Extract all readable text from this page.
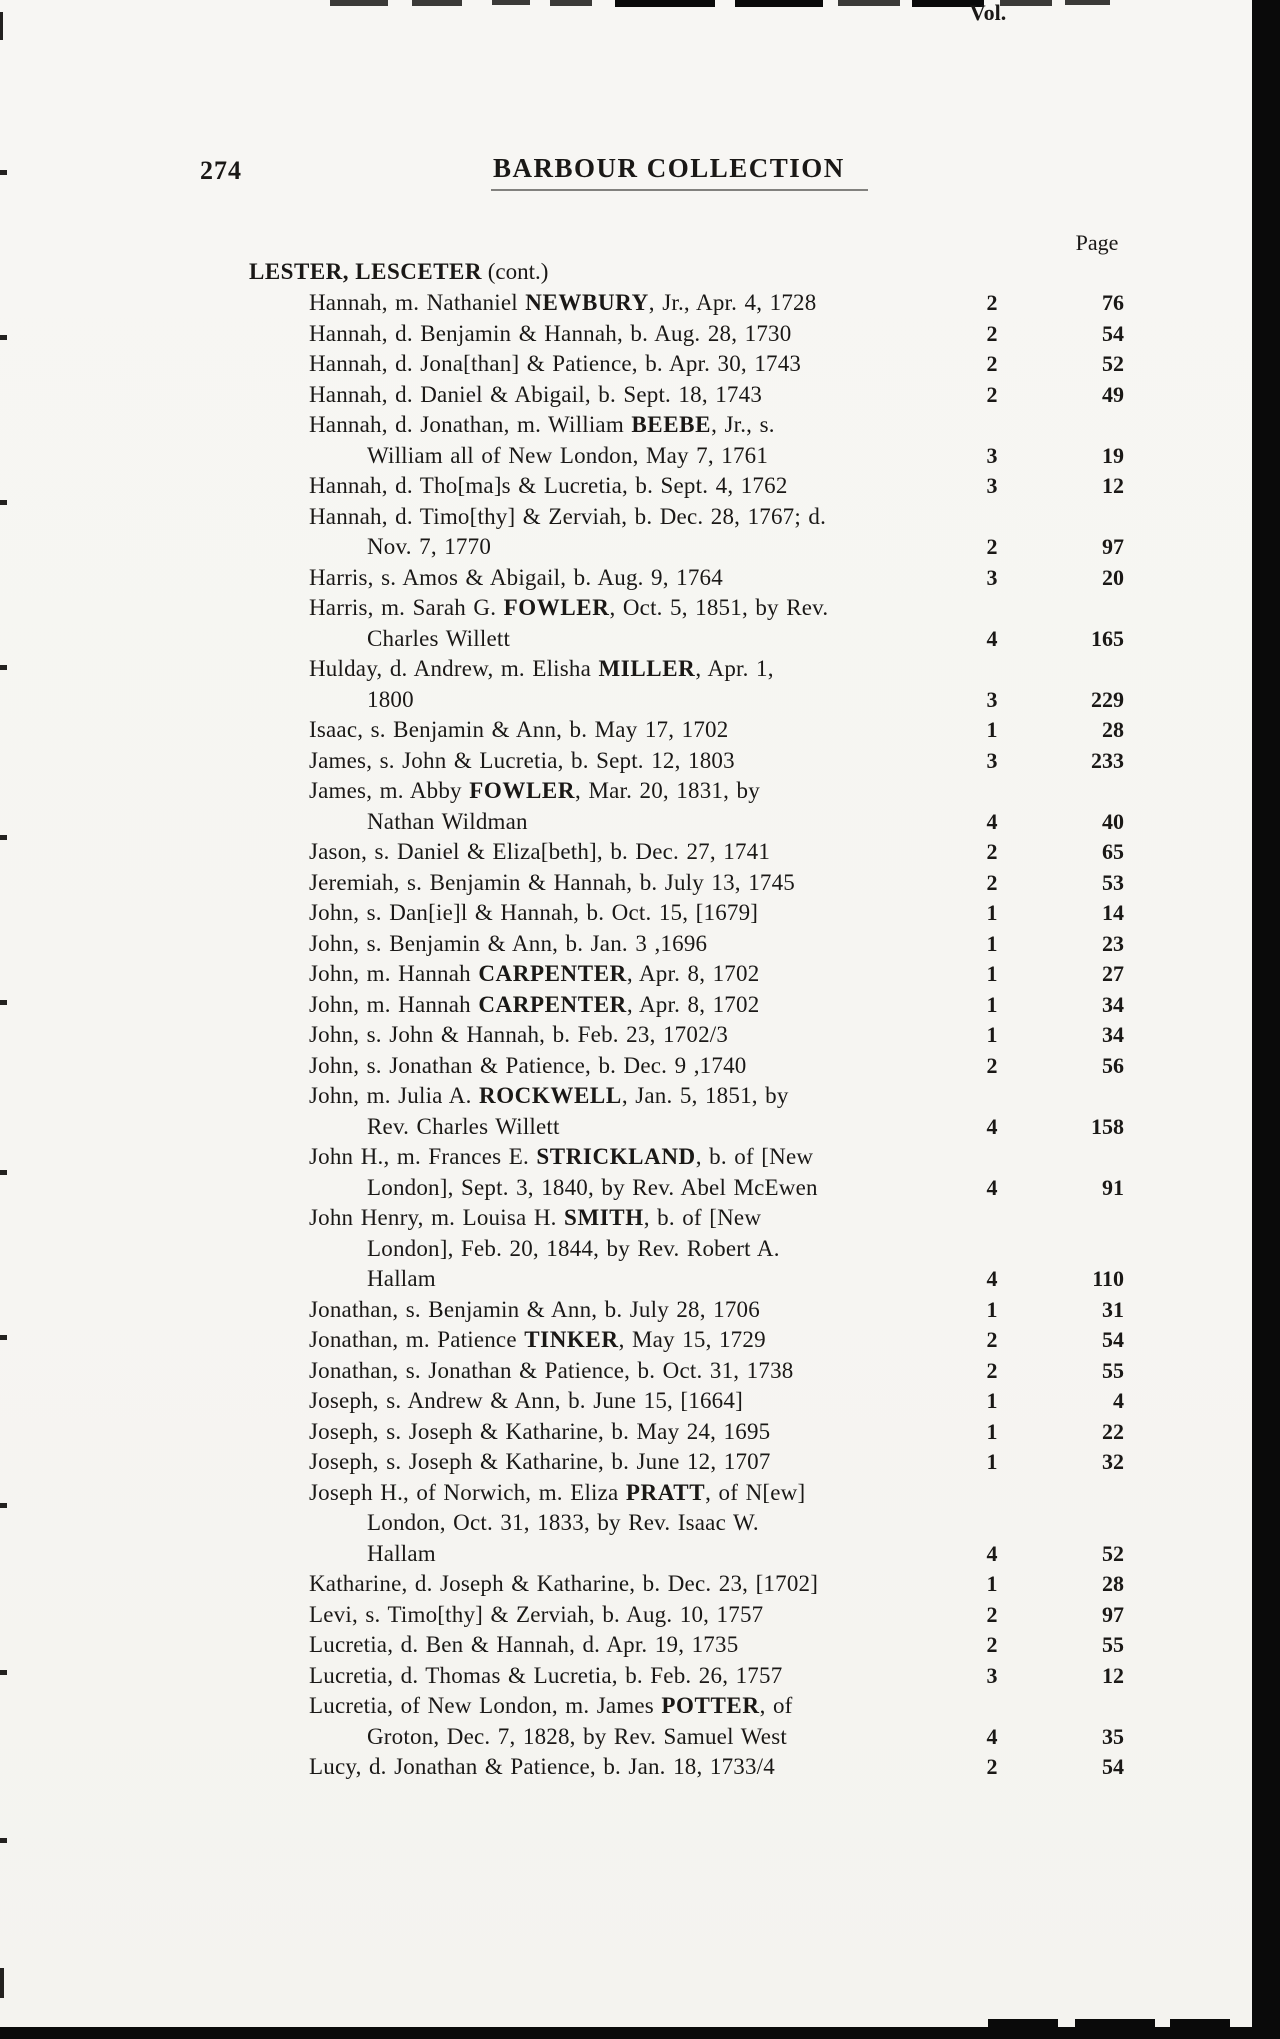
274	BARBOUR COLLECTION
Vol.
Page
LESTER, LESCETER (cont.)
Hannah, m. Nathaniel NEWBURY, Jr., Apr. 4, 1728	2	76
Hannah, d. Benjamin & Hannah, b. Aug. 28, 1730	2	54
Hannah, d. Jona[than] & Patience, b. Apr. 30, 1743	2	52
Hannah, d. Daniel & Abigail, b. Sept. 18, 1743	2	49
Hannah, d. Jonathan, m. William BEEBE, Jr., s.
William all of New London, May 7, 1761	3	19
Hannah, d. Tho[ma]s & Lucretia, b. Sept. 4, 1762	3	12
Hannah, d. Timo[thy] & Zerviah, b. Dec. 28, 1767; d.
Nov. 7, 1770	2	97
Harris, s. Amos & Abigail, b. Aug. 9, 1764	3	20
Harris, m. Sarah G. FOWLER, Oct. 5, 1851, by Rev.
Charles Willett	4	165
Hulday, d. Andrew, m. Elisha MILLER, Apr. 1,
1800	3	229
Isaac, s. Benjamin & Ann, b. May 17, 1702	1	28
James, s. John & Lucretia, b. Sept. 12, 1803	3	233
James, m. Abby FOWLER, Mar. 20, 1831, by
Nathan Wildman	4	40
Jason, s. Daniel & Eliza[beth], b. Dec. 27, 1741	2	65
Jeremiah, s. Benjamin & Hannah, b. July 13, 1745	2	53
John, s. Dan[ie]l & Hannah, b. Oct. 15, [1679]	1	14
John, s. Benjamin & Ann, b. Jan. 3 ,1696	1	23
John, m. Hannah CARPENTER, Apr. 8, 1702	1	27
John, m. Hannah CARPENTER, Apr. 8, 1702	1	34
John, s. John & Hannah, b. Feb. 23, 1702/3	1	34
John, s. Jonathan & Patience, b. Dec. 9 ,1740	2	56
John, m. Julia A. ROCKWELL, Jan. 5, 1851, by
Rev. Charles Willett	4	158
John H., m. Frances E. STRICKLAND, b. of [New
London], Sept. 3, 1840, by Rev. Abel McEwen	4	91
John Henry, m. Louisa H. SMITH, b. of [New
London], Feb. 20, 1844, by Rev. Robert A.
Hallam	4	110
Jonathan, s. Benjamin & Ann, b. July 28, 1706	1	31
Jonathan, m. Patience TINKER, May 15, 1729	2	54
Jonathan, s. Jonathan & Patience, b. Oct. 31, 1738	2	55
Joseph, s. Andrew & Ann, b. June 15, [1664]	1	4
Joseph, s. Joseph & Katharine, b. May 24, 1695	1	22
Joseph, s. Joseph & Katharine, b. June 12, 1707	1	32
Joseph H., of Norwich, m. Eliza PRATT, of N[ew]
London, Oct. 31, 1833, by Rev. Isaac W.
Hallam	4	52
Katharine, d. Joseph & Katharine, b. Dec. 23, [1702]	1	28
Levi, s. Timo[thy] & Zerviah, b. Aug. 10, 1757	2	97
Lucretia, d. Ben & Hannah, d. Apr. 19, 1735	2	55
Lucretia, d. Thomas & Lucretia, b. Feb. 26, 1757	3	12
Lucretia, of New London, m. James POTTER, of
Groton, Dec. 7, 1828, by Rev. Samuel West	4	35
Lucy, d. Jonathan & Patience, b. Jan. 18, 1733/4	2	54
